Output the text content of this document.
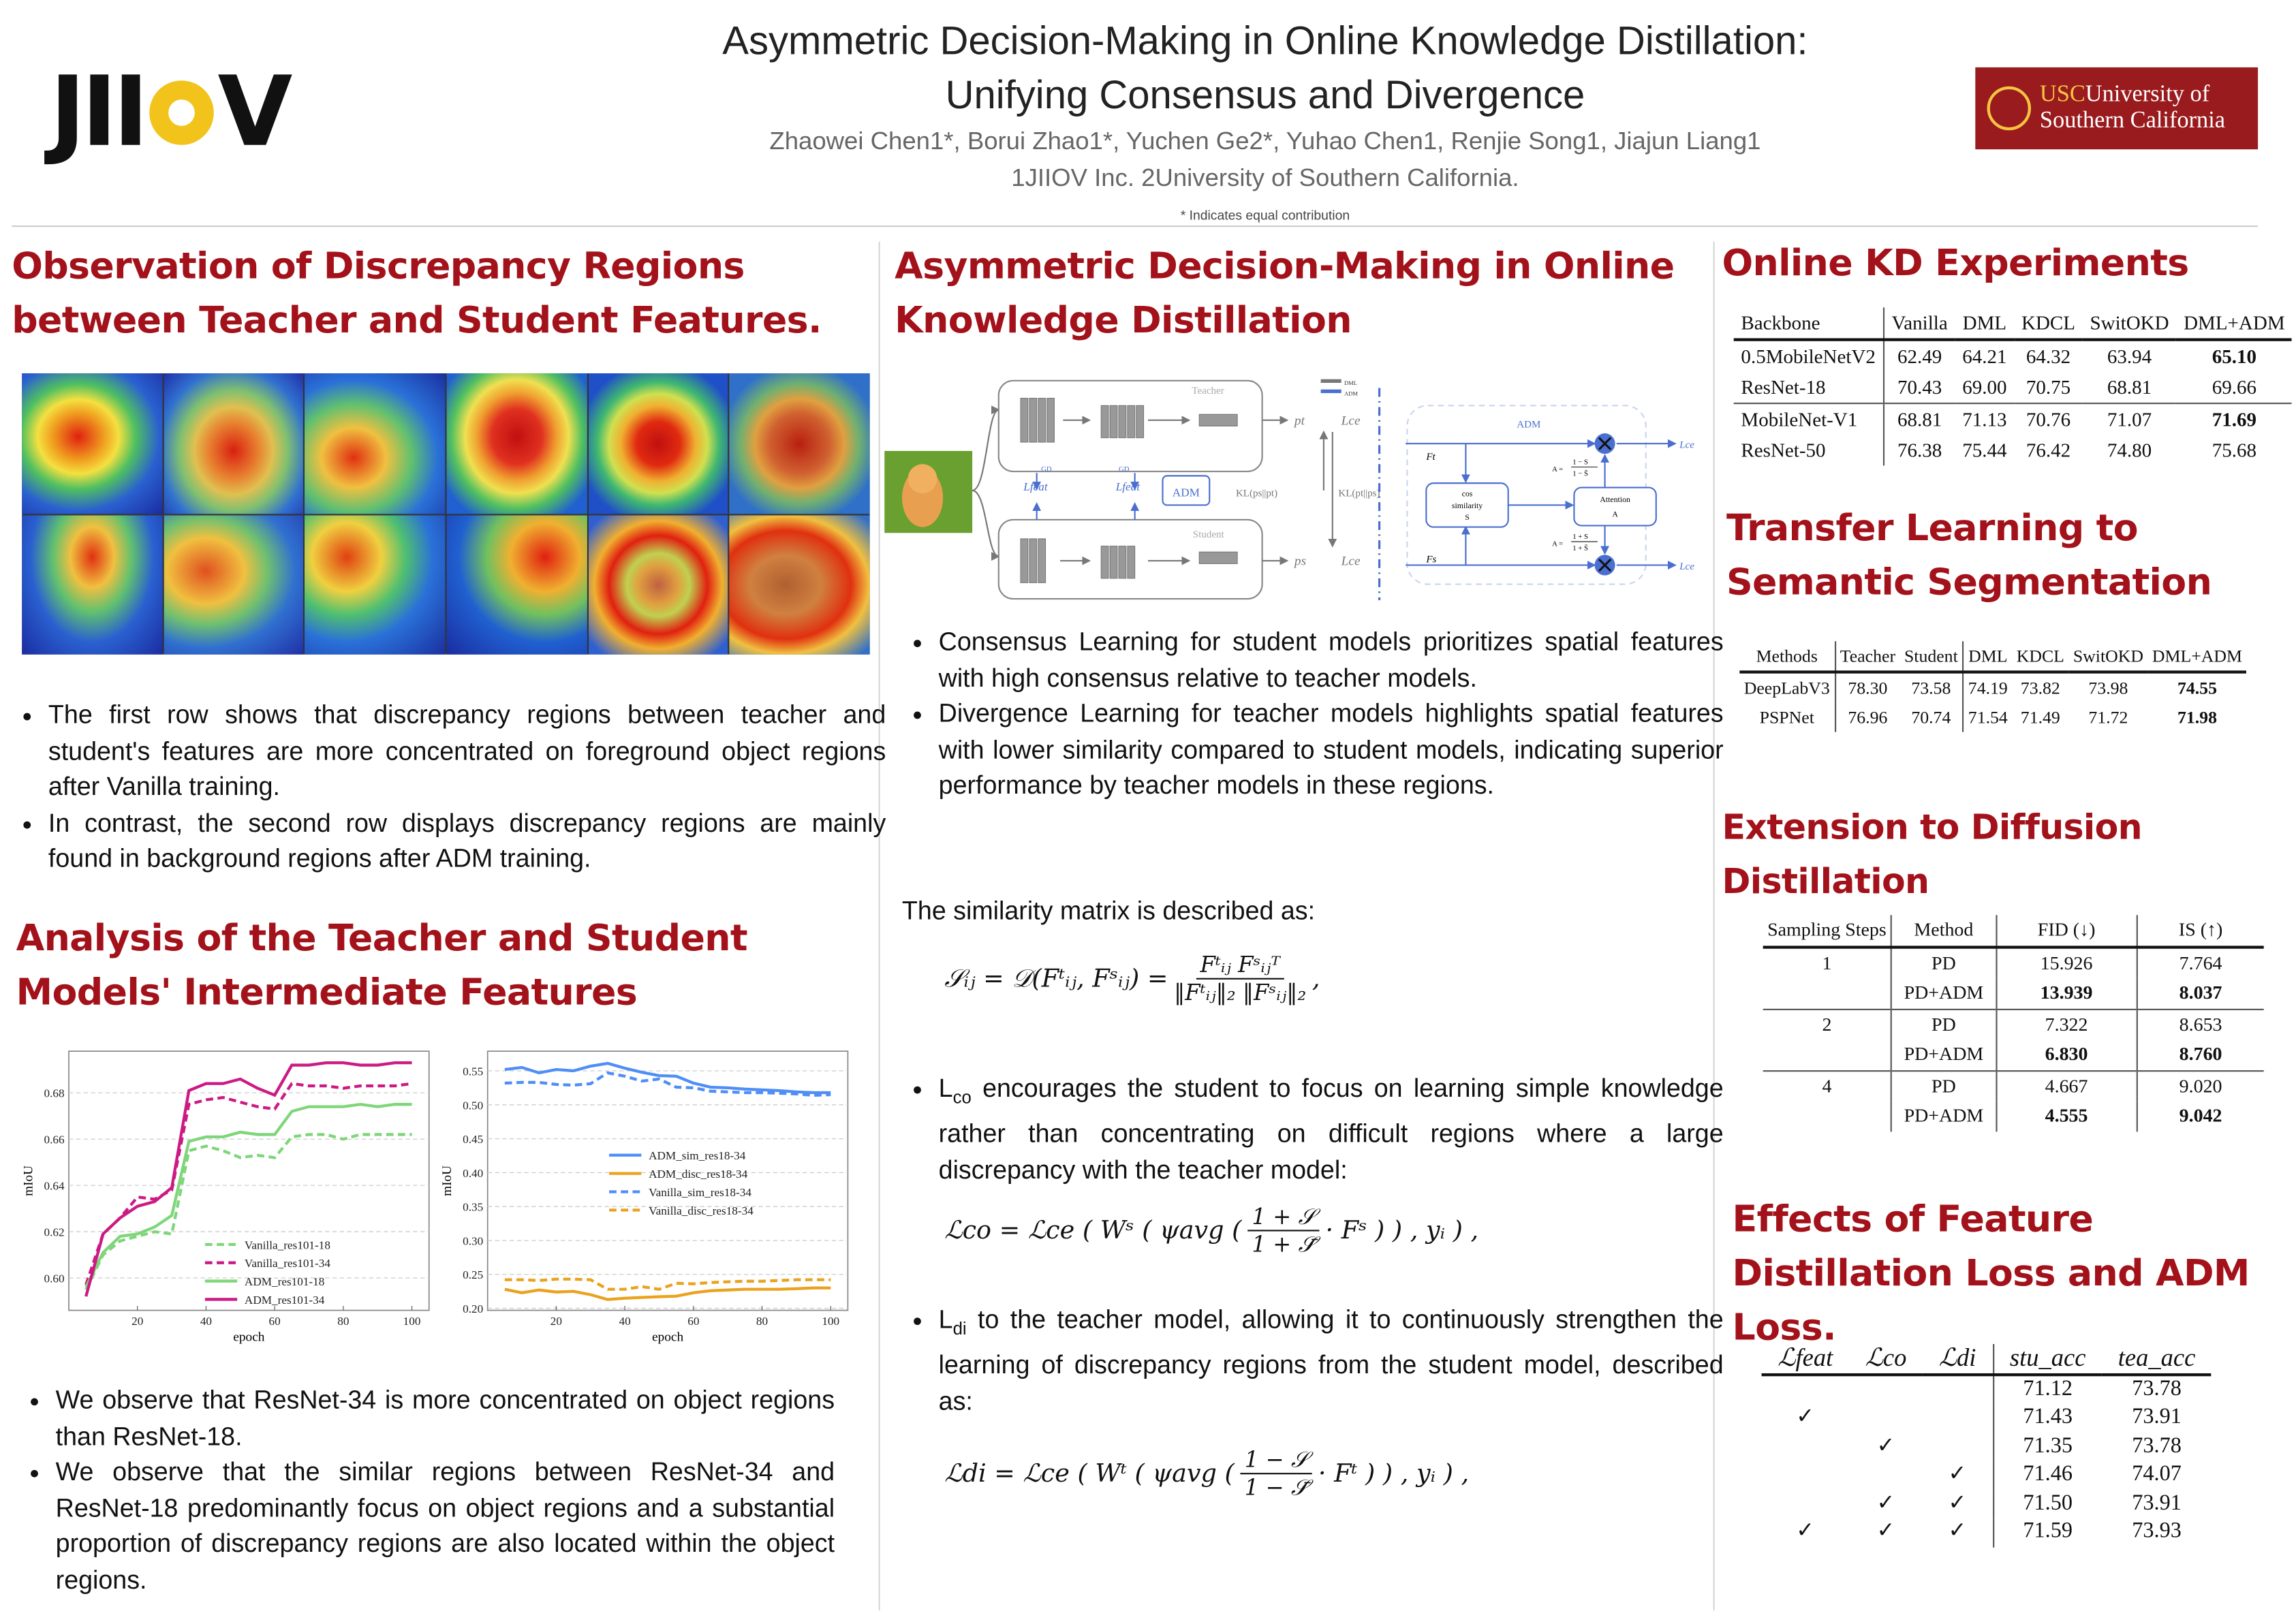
JII V
Asymmetric Decision-Making in Online Knowledge Distillation:
Unifying Consensus and Divergence
Zhaowei Chen1*, Borui Zhao1*, Yuchen Ge2*, Yuhao Chen1, Renjie Song1, Jiajun Liang1
1JIIOV Inc. 2University of Southern California.
* Indicates equal contribution
USCUniversity of
Southern California
Observation of Discrepancy Regions between Teacher and Student Features.
• The first row shows that discrepancy regions between teacher and student's features are more concentrated on foreground object regions after Vanilla training.
• In contrast, the second row displays discrepancy regions are mainly found in background regions after ADM training.
Analysis of the Teacher and Student Models' Intermediate Features
0.60
0.62
0.64
0.66
0.68
20	40	60	80	100
epoch
mIoU
Vanilla_res101-18
Vanilla_res101-34
ADM_res101-18
ADM_res101-34
0.20
0.25
0.30
0.35
0.40
0.45
0.50
0.55
20	40	60	80	100
epoch
mIoU
ADM_sim_res18-34
ADM_disc_res18-34
Vanilla_sim_res18-34
Vanilla_disc_res18-34
• We observe that ResNet-34 is more concentrated on object regions than ResNet-18.
• We observe that the similar regions between ResNet-34 and ResNet-18 predominantly focus on object regions and a substantial proportion of discrepancy regions are also located within the object regions.
Asymmetric Decision-Making in Online Knowledge Distillation
Teacher
Student
pt
ps
Lce
Lce
KL(ps||pt)	KL(pt||ps)
GD	GD
Lfeat	Lfeat	ADM
DML
ADM
ADM
Lce
Lce
Ft
Fs
cos
similarity
S
Attention
A
A =
1 − S
1 − S̄
A =
1 + S
1 + S̄
• Consensus Learning for student models prioritizes spatial features with high consensus relative to teacher models.
• Divergence Learning for teacher models highlights spatial features with lower similarity compared to student models, indicating superior performance by teacher models in these regions.
The similarity matrix is described as:
𝒮ᵢⱼ = 𝒟(Fᵗᵢⱼ, Fˢᵢⱼ) = $\frac{\text{Fᵗᵢⱼ Fˢᵢⱼᵀ}}{\text{‖Fᵗᵢⱼ‖₂ ‖Fˢᵢⱼ‖₂}}$ ,
• $L_{co}$ encourages the student to focus on learning simple knowledge rather than concentrating on difficult regions where a large discrepancy with the teacher model:
ℒco = ℒce ( Wˢ ( ψavg ( $\frac{\text{1 + 𝒮}}{\text{1 + 𝒮̄}}$ · Fˢ ) ) , yᵢ ) ,
• $L_{di}$ to the teacher model, allowing it to continuously strengthen the learning of discrepancy regions from the student model, described as:
ℒdi = ℒce ( Wᵗ ( ψavg ( $\frac{\text{1 − 𝒮}}{\text{1 − 𝒮̄}}$ · Fᵗ ) ) , yᵢ ) ,
Online KD Experiments
Backbone	Vanilla	DML	KDCL	SwitOKD	DML+ADM
0.5MobileNetV2	62.49	64.21	64.32	63.94	65.10
ResNet-18	70.43	69.00	70.75	68.81	69.66
MobileNet-V1	68.81	71.13	70.76	71.07	71.69
ResNet-50	76.38	75.44	76.42	74.80	75.68
Transfer Learning to Semantic Segmentation
Methods	Teacher	Student	DML	KDCL	SwitOKD	DML+ADM
DeepLabV3	78.30	73.58	74.19	73.82	73.98	74.55
PSPNet	76.96	70.74	71.54	71.49	71.72	71.98
Extension to Diffusion Distillation
Sampling Steps	Method	FID (↓)	IS (↑)
1	PD	15.926	7.764
	PD+ADM	13.939	8.037
2	PD	7.322	8.653
	PD+ADM	6.830	8.760
4	PD	4.667	9.020
	PD+ADM	4.555	9.042
Effects of Feature Distillation Loss and ADM Loss.
ℒfeat	ℒco	ℒdi	stu_acc	tea_acc
			71.12	73.78
✓			71.43	73.91
	✓		71.35	73.78
		✓	71.46	74.07
	✓	✓	71.50	73.91
✓	✓	✓	71.59	73.93
